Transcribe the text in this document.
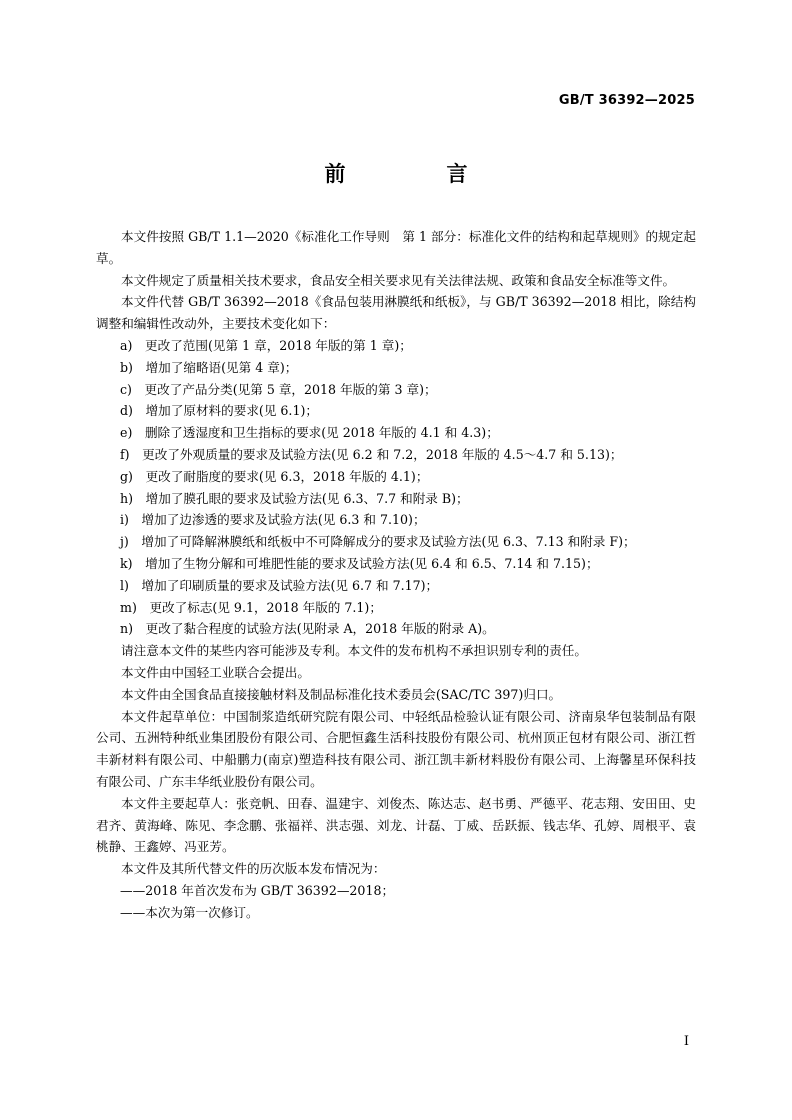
GB/T 36392—2025
前　言

本文件按照 GB/T 1.1—2020《标准化工作导则　第 1 部分：标准化文件的结构和起草规则》的规定起草。

本文件规定了质量相关技术要求，食品安全相关要求见有关法律法规、政策和食品安全标准等文件。

本文件代替 GB/T 36392—2018《食品包装用淋膜纸和纸板》，与 GB/T 36392—2018 相比，除结构调整和编辑性改动外，主要技术变化如下：

a)　更改了范围(见第 1 章，2018 年版的第 1 章)；

b)　增加了缩略语(见第 4 章)；

c)　更改了产品分类(见第 5 章，2018 年版的第 3 章)；

d)　增加了原材料的要求(见 6.1)；

e)　删除了透湿度和卫生指标的要求(见 2018 年版的 4.1 和 4.3)；

f)　更改了外观质量的要求及试验方法(见 6.2 和 7.2，2018 年版的 4.5～4.7 和 5.13)；

g)　更改了耐脂度的要求(见 6.3，2018 年版的 4.1)；

h)　增加了膜孔眼的要求及试验方法(见 6.3、7.7 和附录 B)；

i)　增加了边渗透的要求及试验方法(见 6.3 和 7.10)；

j)　增加了可降解淋膜纸和纸板中不可降解成分的要求及试验方法(见 6.3、7.13 和附录 F)；

k)　增加了生物分解和可堆肥性能的要求及试验方法(见 6.4 和 6.5、7.14 和 7.15)；

l)　增加了印刷质量的要求及试验方法(见 6.7 和 7.17)；

m)　更改了标志(见 9.1，2018 年版的 7.1)；

n)　更改了黏合程度的试验方法(见附录 A，2018 年版的附录 A)。

请注意本文件的某些内容可能涉及专利。本文件的发布机构不承担识别专利的责任。

本文件由中国轻工业联合会提出。

本文件由全国食品直接接触材料及制品标准化技术委员会(SAC/TC 397)归口。

本文件起草单位：中国制浆造纸研究院有限公司、中轻纸品检验认证有限公司、济南泉华包装制品有限公司、五洲特种纸业集团股份有限公司、合肥恒鑫生活科技股份有限公司、杭州顶正包材有限公司、浙江哲丰新材料有限公司、中船鹏力(南京)塑造科技有限公司、浙江凯丰新材料股份有限公司、上海馨星环保科技有限公司、广东丰华纸业股份有限公司。

本文件主要起草人：张竞帆、田春、温建宇、刘俊杰、陈达志、赵书勇、严德平、花志翔、安田田、史君齐、黄海峰、陈见、李念鹏、张福祥、洪志强、刘龙、计磊、丁威、岳跃振、钱志华、孔婷、周根平、袁桃静、王鑫婷、冯亚芳。

本文件及其所代替文件的历次版本发布情况为：

——2018 年首次发布为 GB/T 36392—2018；

——本次为第一次修订。

I
